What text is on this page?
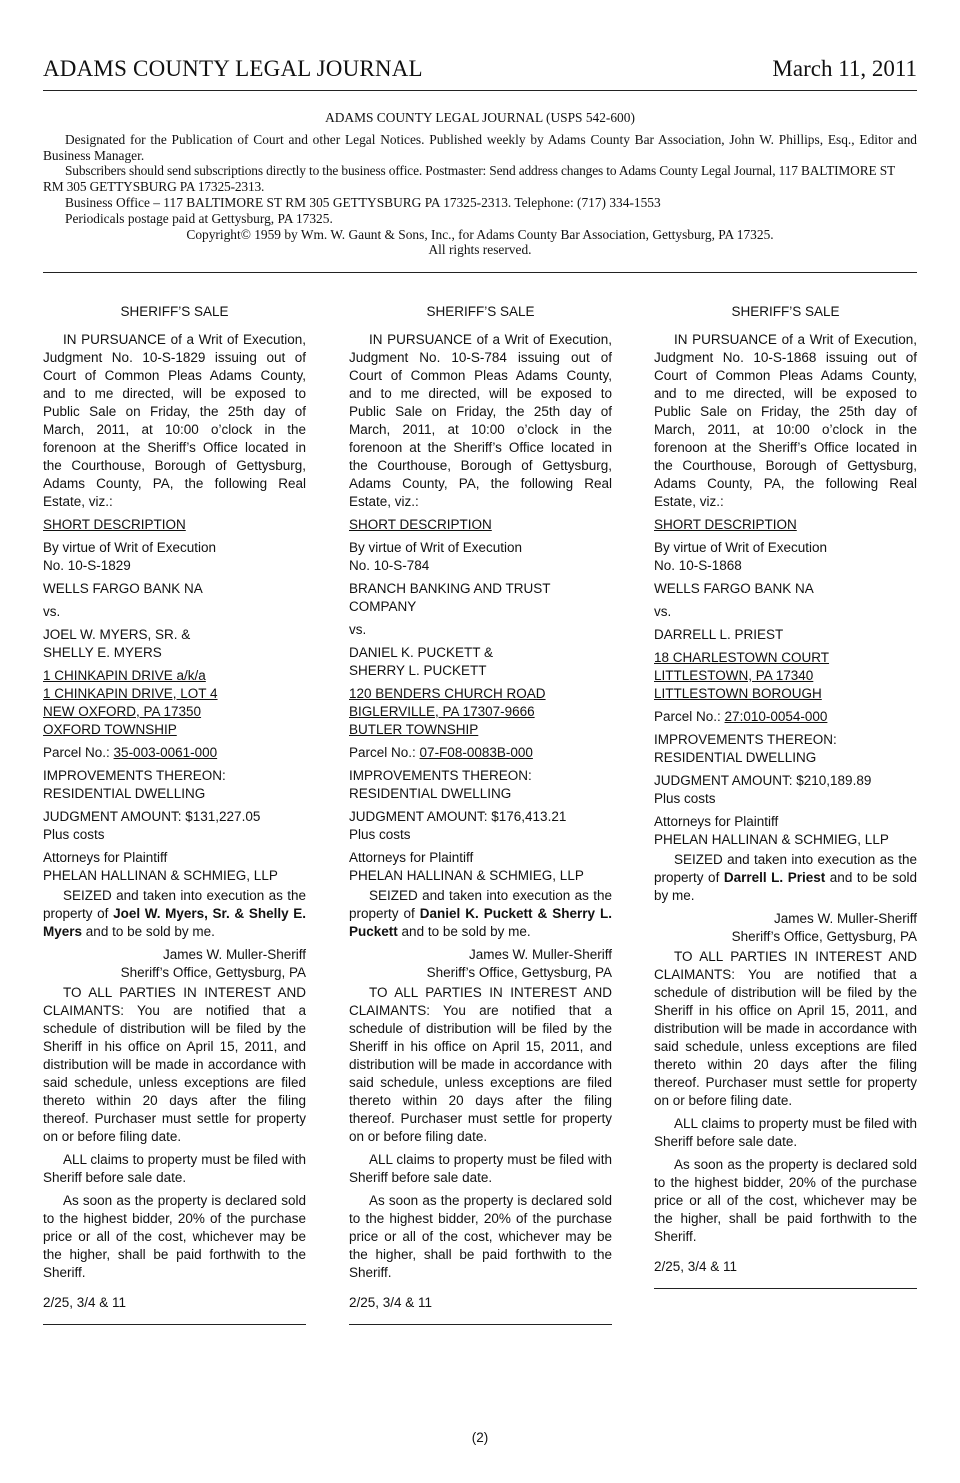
ADAMS COUNTY LEGAL JOURNAL	March 11, 2011
ADAMS COUNTY LEGAL JOURNAL (USPS 542-600)
Designated for the Publication of Court and other Legal Notices. Published weekly by Adams County Bar Association, John W. Phillips, Esq., Editor and Business Manager.
Subscribers should send subscriptions directly to the business office. Postmaster: Send address changes to Adams County Legal Journal, 117 BALTIMORE ST RM 305 GETTYSBURG PA 17325-2313.
Business Office – 117 BALTIMORE ST RM 305 GETTYSBURG PA 17325-2313. Telephone: (717) 334-1553
Periodicals postage paid at Gettysburg, PA 17325.
Copyright© 1959 by Wm. W. Gaunt & Sons, Inc., for Adams County Bar Association, Gettysburg, PA 17325.
All rights reserved.

SHERIFF’S SALE

IN PURSUANCE of a Writ of Execution, Judgment No. 10-S-1829 issuing out of Court of Common Pleas Adams County, and to me directed, will be exposed to Public Sale on Friday, the 25th day of March, 2011, at 10:00 o’clock in the forenoon at the Sheriff’s Office located in the Courthouse, Borough of Gettysburg, Adams County, PA, the following Real Estate, viz.:

SHORT DESCRIPTION

By virtue of Writ of Execution

No. 10-S-1829

WELLS FARGO BANK NA

vs.

JOEL W. MYERS, SR. &

SHELLY E. MYERS

1 CHINKAPIN DRIVE a/k/a

1 CHINKAPIN DRIVE, LOT 4

NEW OXFORD, PA 17350

OXFORD TOWNSHIP

Parcel No.: 35-003-0061-000

IMPROVEMENTS THEREON: RESIDENTIAL DWELLING

JUDGMENT AMOUNT: $131,227.05

Plus costs

Attorneys for Plaintiff

PHELAN HALLINAN & SCHMIEG, LLP

SEIZED and taken into execution as the property of Joel W. Myers, Sr. & Shelly E. Myers and to be sold by me.

James W. Muller-Sheriff

Sheriff’s Office, Gettysburg, PA

TO ALL PARTIES IN INTEREST AND CLAIMANTS: You are notified that a schedule of distribution will be filed by the Sheriff in his office on April 15, 2011, and distribution will be made in accordance with said schedule, unless exceptions are filed thereto within 20 days after the filing thereof. Purchaser must settle for property on or before filing date.

ALL claims to property must be filed with Sheriff before sale date.

As soon as the property is declared sold to the highest bidder, 20% of the purchase price or all of the cost, whichever may be the higher, shall be paid forthwith to the Sheriff.

2/25, 3/4 & 11

SHERIFF’S SALE

IN PURSUANCE of a Writ of Execution, Judgment No. 10-S-784 issuing out of Court of Common Pleas Adams County, and to me directed, will be exposed to Public Sale on Friday, the 25th day of March, 2011, at 10:00 o’clock in the forenoon at the Sheriff’s Office located in the Courthouse, Borough of Gettysburg, Adams County, PA, the following Real Estate, viz.:

SHORT DESCRIPTION

By virtue of Writ of Execution

No. 10-S-784

BRANCH BANKING AND TRUST COMPANY

vs.

DANIEL K. PUCKETT &

SHERRY L. PUCKETT

120 BENDERS CHURCH ROAD

BIGLERVILLE, PA 17307-9666

BUTLER TOWNSHIP

Parcel No.: 07-F08-0083B-000

IMPROVEMENTS THEREON: RESIDENTIAL DWELLING

JUDGMENT AMOUNT: $176,413.21

Plus costs

Attorneys for Plaintiff

PHELAN HALLINAN & SCHMIEG, LLP

SEIZED and taken into execution as the property of Daniel K. Puckett & Sherry L. Puckett and to be sold by me.

James W. Muller-Sheriff

Sheriff’s Office, Gettysburg, PA

TO ALL PARTIES IN INTEREST AND CLAIMANTS: You are notified that a schedule of distribution will be filed by the Sheriff in his office on April 15, 2011, and distribution will be made in accordance with said schedule, unless exceptions are filed thereto within 20 days after the filing thereof. Purchaser must settle for property on or before filing date.

ALL claims to property must be filed with Sheriff before sale date.

As soon as the property is declared sold to the highest bidder, 20% of the purchase price or all of the cost, whichever may be the higher, shall be paid forthwith to the Sheriff.

2/25, 3/4 & 11

SHERIFF’S SALE

IN PURSUANCE of a Writ of Execution, Judgment No. 10-S-1868 issuing out of Court of Common Pleas Adams County, and to me directed, will be exposed to Public Sale on Friday, the 25th day of March, 2011, at 10:00 o’clock in the forenoon at the Sheriff’s Office located in the Courthouse, Borough of Gettysburg, Adams County, PA, the following Real Estate, viz.:

SHORT DESCRIPTION

By virtue of Writ of Execution

No. 10-S-1868

WELLS FARGO BANK NA

vs.

DARRELL L. PRIEST

18 CHARLESTOWN COURT

LITTLESTOWN, PA 17340

LITTLESTOWN BOROUGH

Parcel No.: 27:010-0054-000

IMPROVEMENTS THEREON: RESIDENTIAL DWELLING

JUDGMENT AMOUNT: $210,189.89

Plus costs

Attorneys for Plaintiff

PHELAN HALLINAN & SCHMIEG, LLP

SEIZED and taken into execution as the property of Darrell L. Priest and to be sold by me.

James W. Muller-Sheriff

Sheriff’s Office, Gettysburg, PA

TO ALL PARTIES IN INTEREST AND CLAIMANTS: You are notified that a schedule of distribution will be filed by the Sheriff in his office on April 15, 2011, and distribution will be made in accordance with said schedule, unless exceptions are filed thereto within 20 days after the filing thereof. Purchaser must settle for property on or before filing date.

ALL claims to property must be filed with Sheriff before sale date.

As soon as the property is declared sold to the highest bidder, 20% of the purchase price or all of the cost, whichever may be the higher, shall be paid forthwith to the Sheriff.

2/25, 3/4 & 11

(2)
